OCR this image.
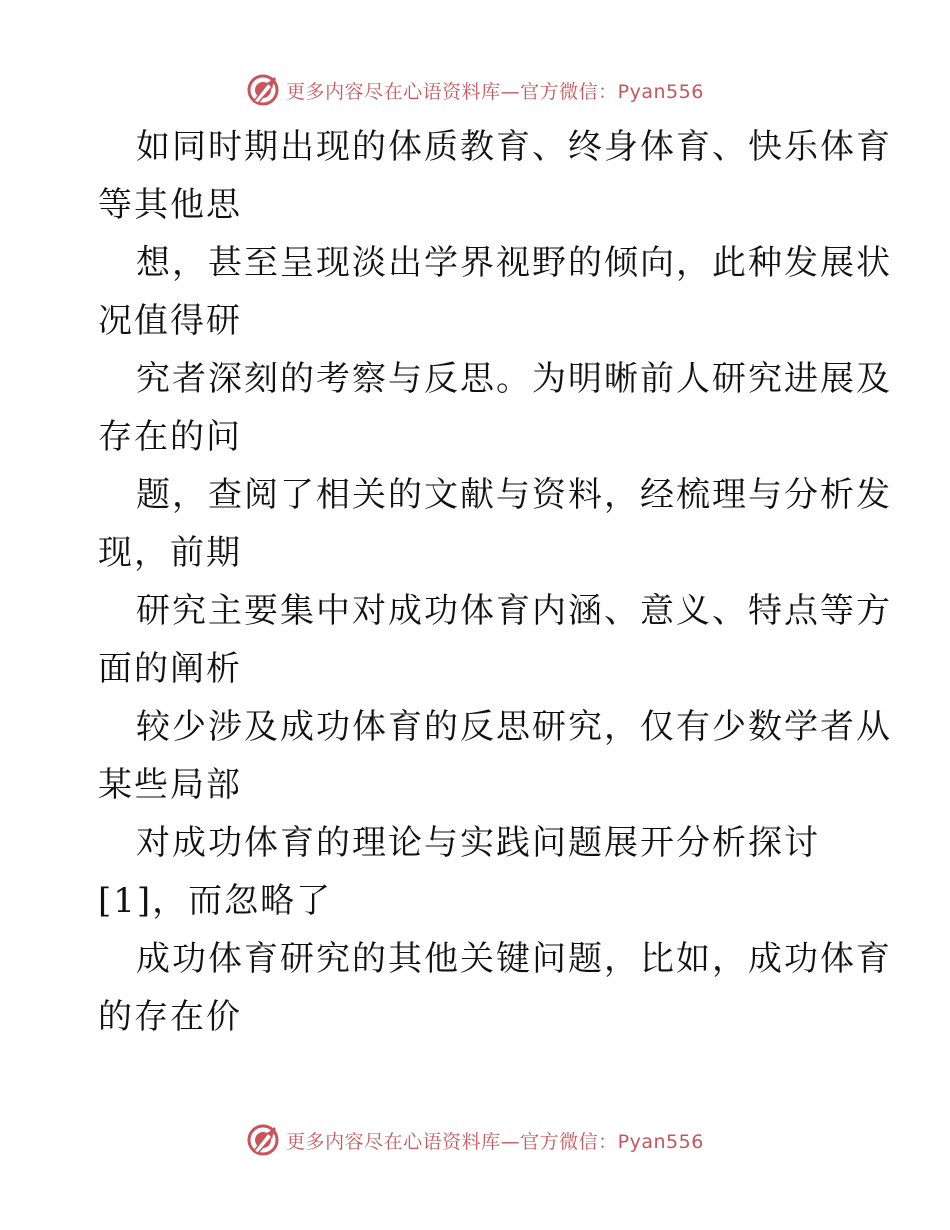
更多内容尽在心语资料库—官方微信：Pyan556

如同时期出现的体质教育、终身体育、快乐体育
等其他思

想，甚至呈现淡出学界视野的倾向，此种发展状
况值得研

究者深刻的考察与反思。为明晰前人研究进展及
存在的问

题，查阅了相关的文献与资料，经梳理与分析发
现，前期

研究主要集中对成功体育内涵、意义、特点等方
面的阐析

较少涉及成功体育的反思研究，仅有少数学者从
某些局部

对成功体育的理论与实践问题展开分析探讨
[1]，而忽略了

成功体育研究的其他关键问题，比如，成功体育
的存在价

更多内容尽在心语资料库—官方微信：Pyan556
